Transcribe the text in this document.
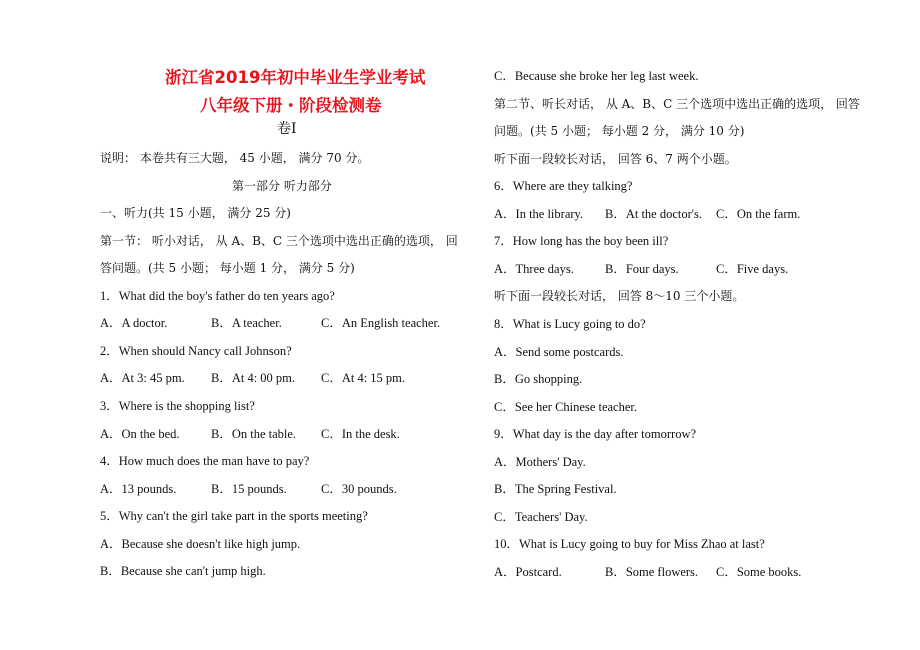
浙江省2019年初中毕业生学业考试
八年级下册・阶段检测卷
卷Ⅰ
说明： 本卷共有三大题， 45 小题， 满分 70 分。
第一部分 听力部分
一、听力(共 15 小题， 满分 25 分)
第一节： 听小对话， 从 A、B、C 三个选项中选出正确的选项， 回
答问题。(共 5 小题； 每小题 1 分， 满分 5 分)
1．What did the boy's father do ten years ago?
A．A doctor.	B．A teacher.	C．An English teacher.
2．When should Nancy call Johnson?
A．At 3: 45 pm. B．At 4: 00 pm. C．At 4: 15 pm.
3．Where is the shopping list?
A．On the bed.	B．On the table. C．In the desk.
4．How much does the man have to pay?
A．13 pounds.	B．15 pounds.	C．30 pounds.
5．Why can't the girl take part in the sports meeting?
A．Because she doesn't like high jump.
B．Because she can't jump high.
C．Because she broke her leg last week.
第二节、听长对话， 从 A、B、C 三个选项中选出正确的选项， 回答
问题。(共 5 小题； 每小题 2 分， 满分 10 分)
听下面一段较长对话， 回答 6、7 两个小题。
6．Where are they talking?
A．In the library. B．At the doctor's. C．On the farm.
7．How long has the boy been ill?
A．Three days. B．Four days.	C．Five days.
听下面一段较长对话， 回答 8～10 三个小题。
8．What is Lucy going to do?
A．Send some postcards.
B．Go shopping.
C．See her Chinese teacher.
9．What day is the day after tomorrow?
A．Mothers' Day.
B．The Spring Festival.
C．Teachers' Day.
10．What is Lucy going to buy for Miss Zhao at last?
A．Postcard.	B．Some flowers. C．Some books.
